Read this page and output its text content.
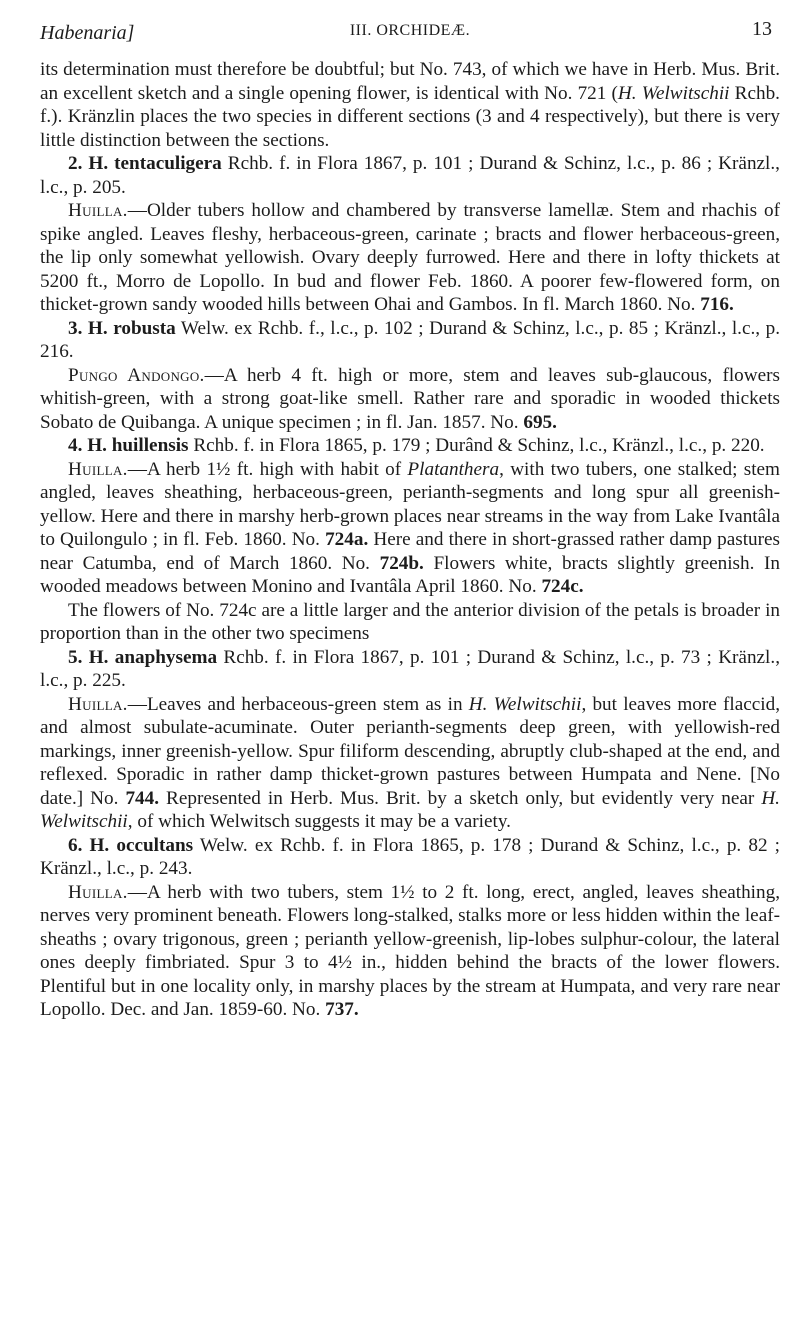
Habenaria]	III. ORCHIDEÆ.	13

its determination must therefore be doubtful; but No. 743, of which we have in Herb. Mus. Brit. an excellent sketch and a single opening flower, is identical with No. 721 (H. Welwitschii Rchb. f.). Kränzlin places the two species in different sections (3 and 4 respectively), but there is very little distinction between the sections.

2. H. tentaculigera Rchb. f. in Flora 1867, p. 101 ; Durand & Schinz, l.c., p. 86 ; Kränzl., l.c., p. 205.

Huilla.—Older tubers hollow and chambered by transverse lamellæ. Stem and rhachis of spike angled. Leaves fleshy, herbaceous-green, carinate ; bracts and flower herbaceous-green, the lip only somewhat yellowish. Ovary deeply furrowed. Here and there in lofty thickets at 5200 ft., Morro de Lopollo. In bud and flower Feb. 1860. A poorer few-flowered form, on thicket-grown sandy wooded hills between Ohai and Gambos. In fl. March 1860. No. 716.

3. H. robusta Welw. ex Rchb. f., l.c., p. 102 ; Durand & Schinz, l.c., p. 85 ; Kränzl., l.c., p. 216.

Pungo Andongo.—A herb 4 ft. high or more, stem and leaves sub-glaucous, flowers whitish-green, with a strong goat-like smell. Rather rare and sporadic in wooded thickets Sobato de Quibanga. A unique specimen ; in fl. Jan. 1857. No. 695.

4. H. huillensis Rchb. f. in Flora 1865, p. 179 ; Durând & Schinz, l.c., Kränzl., l.c., p. 220.

Huilla.—A herb 1½ ft. high with habit of Platanthera, with two tubers, one stalked; stem angled, leaves sheathing, herbaceous-green, perianth-segments and long spur all greenish-yellow. Here and there in marshy herb-grown places near streams in the way from Lake Ivantâla to Quilongulo ; in fl. Feb. 1860. No. 724a. Here and there in short-grassed rather damp pastures near Catumba, end of March 1860. No. 724b. Flowers white, bracts slightly greenish. In wooded meadows between Monino and Ivantâla April 1860. No. 724c.

The flowers of No. 724c are a little larger and the anterior division of the petals is broader in proportion than in the other two specimens

5. H. anaphysema Rchb. f. in Flora 1867, p. 101 ; Durand & Schinz, l.c., p. 73 ; Kränzl., l.c., p. 225.

Huilla.—Leaves and herbaceous-green stem as in H. Welwitschii, but leaves more flaccid, and almost subulate-acuminate. Outer perianth-segments deep green, with yellowish-red markings, inner greenish-yellow. Spur filiform descending, abruptly club-shaped at the end, and reflexed. Sporadic in rather damp thicket-grown pastures between Humpata and Nene. [No date.] No. 744. Represented in Herb. Mus. Brit. by a sketch only, but evidently very near H. Welwitschii, of which Welwitsch suggests it may be a variety.

6. H. occultans Welw. ex Rchb. f. in Flora 1865, p. 178 ; Durand & Schinz, l.c., p. 82 ; Kränzl., l.c., p. 243.

Huilla.—A herb with two tubers, stem 1½ to 2 ft. long, erect, angled, leaves sheathing, nerves very prominent beneath. Flowers long-stalked, stalks more or less hidden within the leaf-sheaths ; ovary trigonous, green ; perianth yellow-greenish, lip-lobes sulphur-colour, the lateral ones deeply fimbriated. Spur 3 to 4½ in., hidden behind the bracts of the lower flowers. Plentiful but in one locality only, in marshy places by the stream at Humpata, and very rare near Lopollo. Dec. and Jan. 1859-60. No. 737.
